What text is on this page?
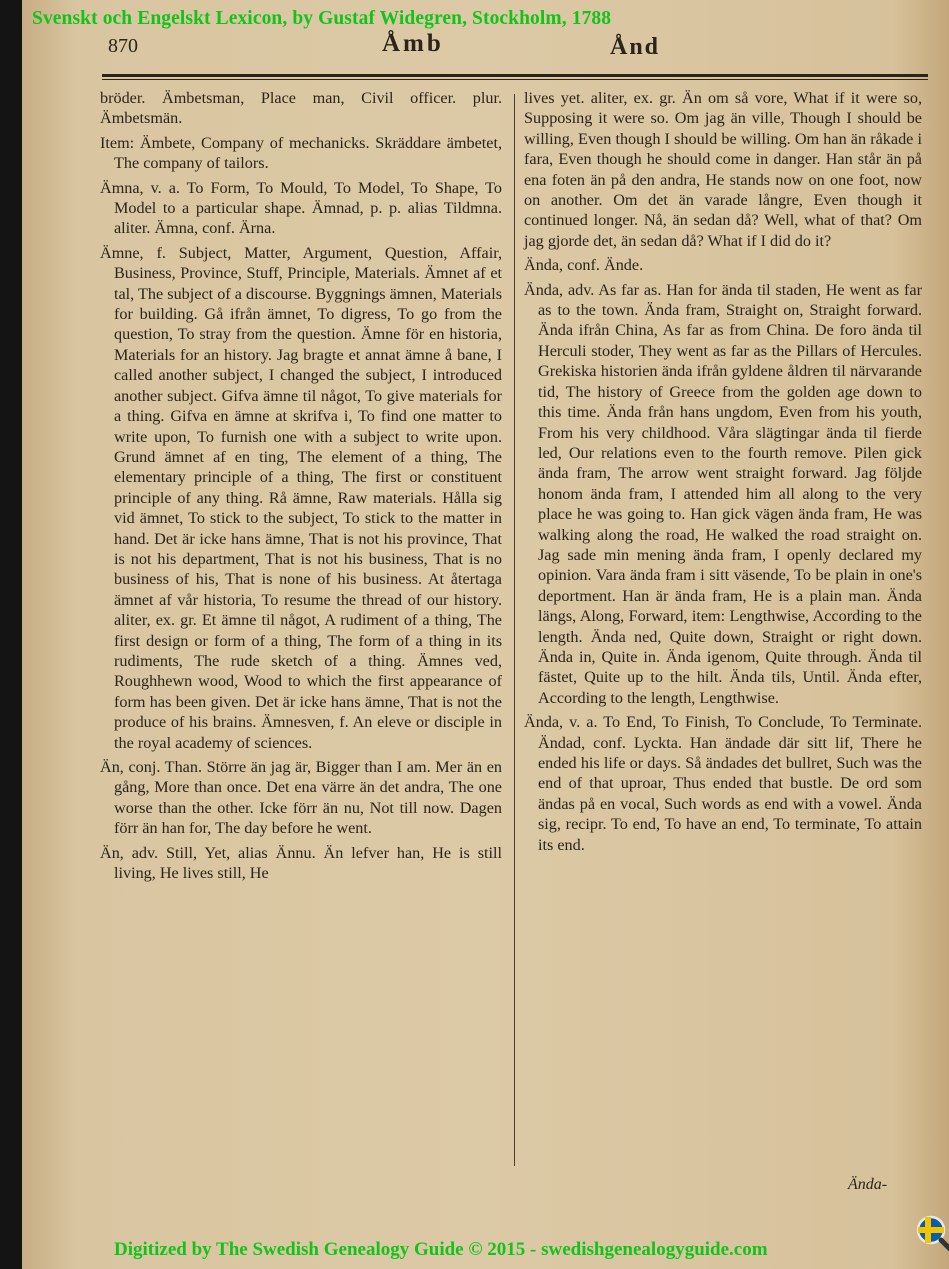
Svenskt och Engelskt Lexicon, by Gustaf Widegren, Stockholm, 1788
870	Åmb	Ånd

bröder. Ämbetsman, Place man, Civil officer. plur. Ämbetsmän.

Item: Ämbete, Company of mechanicks. Skräddare ämbetet, The company of tailors.

Ämna, v. a. To Form, To Mould, To Model, To Shape, To Model to a particular shape. Ämnad, p. p. alias Tildmna. aliter. Ämna, conf. Ärna.

Ämne, f. Subject, Matter, Argument, Question, Affair, Business, Province, Stuff, Principle, Materials. Ämnet af et tal, The subject of a discourse. Byggnings ämnen, Materials for building. Gå ifrån ämnet, To digress, To go from the question, To stray from the question. Ämne för en historia, Materials for an history. Jag bragte et annat ämne å bane, I called another subject, I changed the subject, I introduced another subject. Gifva ämne til något, To give materials for a thing. Gifva en ämne at skrifva i, To find one matter to write upon, To furnish one with a subject to write upon. Grund ämnet af en ting, The element of a thing, The elementary principle of a thing, The first or constituent principle of any thing. Rå ämne, Raw materials. Hålla sig vid ämnet, To stick to the subject, To stick to the matter in hand. Det är icke hans ämne, That is not his province, That is not his department, That is not his business, That is no business of his, That is none of his business. At återtaga ämnet af vår historia, To resume the thread of our history. aliter, ex. gr. Et ämne til något, A rudiment of a thing, The first design or form of a thing, The form of a thing in its rudiments, The rude sketch of a thing. Ämnes ved, Roughhewn wood, Wood to which the first appearance of form has been given. Det är icke hans ämne, That is not the produce of his brains. Ämnesven, f. An eleve or disciple in the royal academy of sciences.

Än, conj. Than. Större än jag är, Bigger than I am. Mer än en gång, More than once. Det ena värre än det andra, The one worse than the other. Icke förr än nu, Not till now. Dagen förr än han for, The day before he went.

Än, adv. Still, Yet, alias Ännu. Än lefver han, He is still living, He lives still, He

lives yet. aliter, ex. gr. Än om så vore, What if it were so, Supposing it were so. Om jag än ville, Though I should be willing, Even though I should be willing. Om han än råkade i fara, Even though he should come in danger. Han står än på ena foten än på den andra, He stands now on one foot, now on another. Om det än varade långre, Even though it continued longer. Nå, än sedan då? Well, what of that? Om jag gjorde det, än sedan då? What if I did do it?

Ända, conf. Ände.

Ända, adv. As far as. Han for ända til staden, He went as far as to the town. Ända fram, Straight on, Straight forward. Ända ifrån China, As far as from China. De foro ända til Herculi stoder, They went as far as the Pillars of Hercules. Grekiska historien ända ifrån gyldene åldren til närvarande tid, The history of Greece from the golden age down to this time. Ända från hans ungdom, Even from his youth, From his very childhood. Våra slägtingar ända til fierde led, Our relations even to the fourth remove. Pilen gick ända fram, The arrow went straight forward. Jag följde honom ända fram, I attended him all along to the very place he was going to. Han gick vägen ända fram, He was walking along the road, He walked the road straight on. Jag sade min mening ända fram, I openly declared my opinion. Vara ända fram i sitt väsende, To be plain in one's deportment. Han är ända fram, He is a plain man. Ända längs, Along, Forward, item: Lengthwise, According to the length. Ända ned, Quite down, Straight or right down. Ända in, Quite in. Ända igenom, Quite through. Ända til fästet, Quite up to the hilt. Ända tils, Until. Ända efter, According to the length, Lengthwise.

Ända, v. a. To End, To Finish, To Conclude, To Terminate. Ändad, conf. Lyckta. Han ändade där sitt lif, There he ended his life or days. Så ändades det bullret, Such was the end of that uproar, Thus ended that bustle. De ord som ändas på en vocal, Such words as end with a vowel. Ända sig, recipr. To end, To have an end, To terminate, To attain its end.

Ända-
Digitized by The Swedish Genealogy Guide © 2015 - swedishgenealogyguide.com
